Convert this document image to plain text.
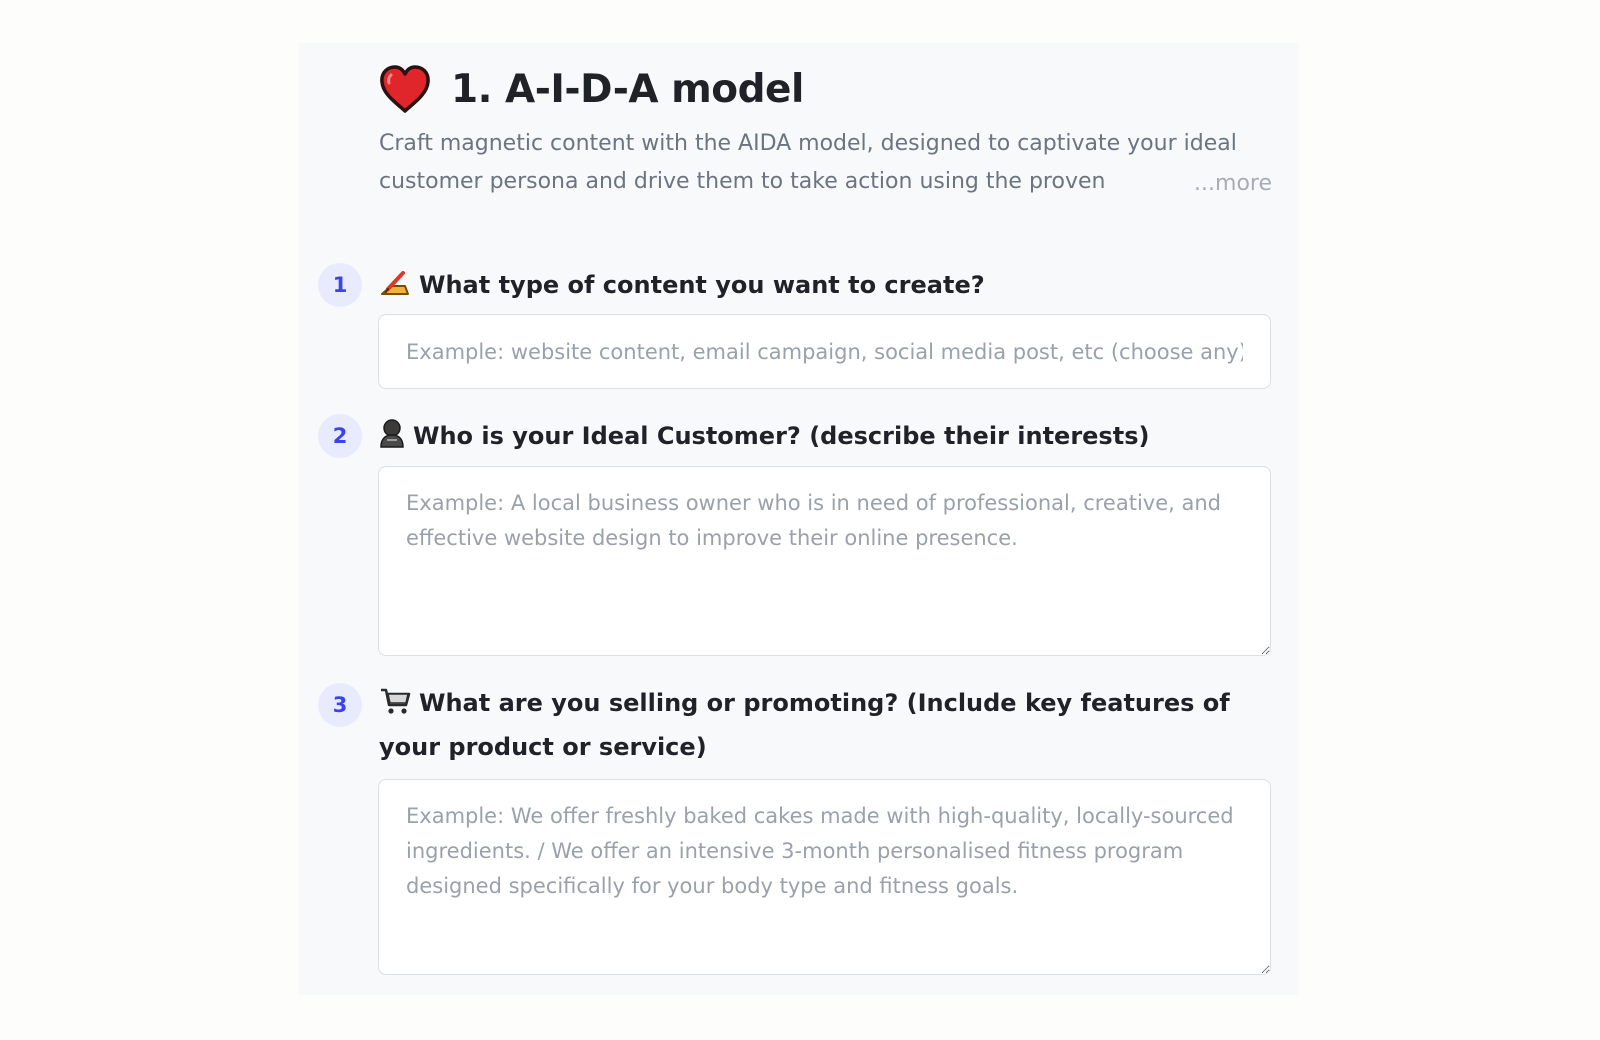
1. A-I-D-A model

Craft magnetic content with the AIDA model, designed to captivate your ideal customer persona and drive them to take action using the proven	...more
1	What type of content you want to create?
Example: website content, email campaign, social media post, etc (choose any)
2	Who is your Ideal Customer? (describe their interests)
Example: A local business owner who is in need of professional, creative, and effective website design to improve their online presence.
3	What are you selling or promoting? (Include key features of your product or service)
Example: We offer freshly baked cakes made with high-quality, locally-sourced ingredients. / We offer an intensive 3-month personalised fitness program designed specifically for your body type and fitness goals.
